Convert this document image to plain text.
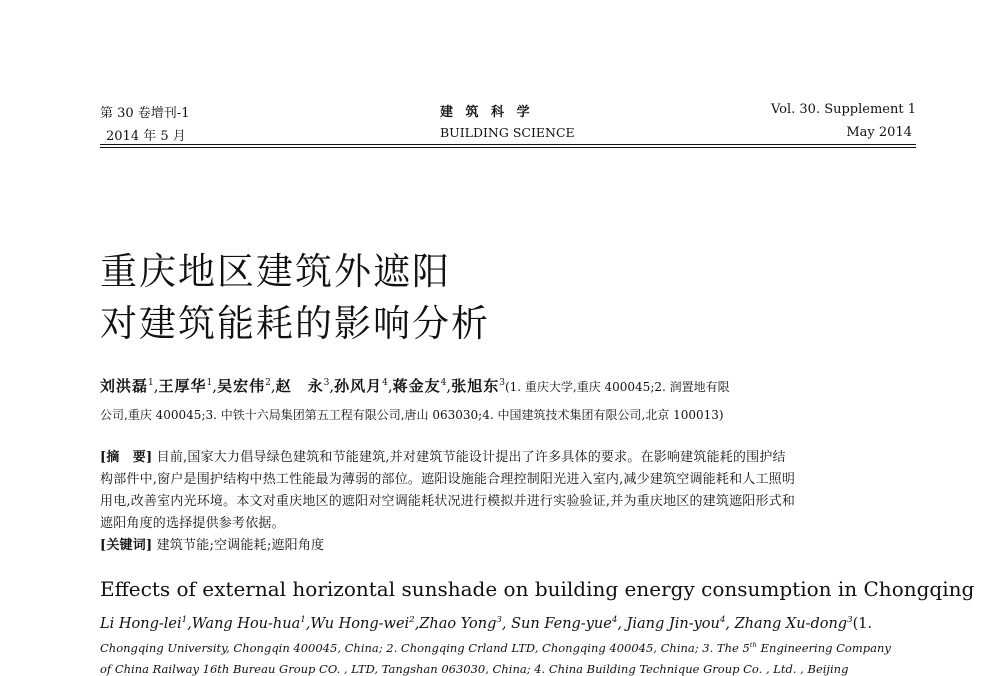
第 30 卷增刊-1
2014 年 5 月
建 筑 科 学
BUILDING SCIENCE
Vol. 30. Supplement 1
May 2014
重庆地区建筑外遮阳
对建筑能耗的影响分析
刘洪磊$^1$,王厚华$^1$,吴宏伟$^2$,赵　永$^3$,孙风月$^4$,蒋金友$^4$,张旭东$^3$(1. 重庆大学,重庆 400045;2. 润置地有限
公司,重庆 400045;3. 中铁十六局集团第五工程有限公司,唐山 063030;4. 中国建筑技术集团有限公司,北京 100013)
[摘　要] 目前,国家大力倡导绿色建筑和节能建筑,并对建筑节能设计提出了许多具体的要求。在影响建筑能耗的围护结
构部件中,窗户是围护结构中热工性能最为薄弱的部位。遮阳设施能合理控制阳光进入室内,减少建筑空调能耗和人工照明
用电,改善室内光环境。本文对重庆地区的遮阳对空调能耗状况进行模拟并进行实验验证,并为重庆地区的建筑遮阳形式和
遮阳角度的选择提供参考依据。
[关键词] 建筑节能;空调能耗;遮阳角度
Effects of external horizontal sunshade on building energy consumption in Chongqing
Li Hong-lei$^1$,Wang Hou-hua$^1$,Wu Hong-wei$^2$,Zhao Yong$^3$, Sun Feng-yue$^4$, Jiang Jin-you$^4$, Zhang Xu-dong$^3$(1.
Chongqing University, Chongqin 400045, China; 2. Chongqing Crland LTD, Chongqing 400045, China; 3. The 5th Engineering Company
of China Railway 16th Bureau Group CO. , LTD, Tangshan 063030, China; 4. China Building Technique Group Co. , Ltd. , Beijing
